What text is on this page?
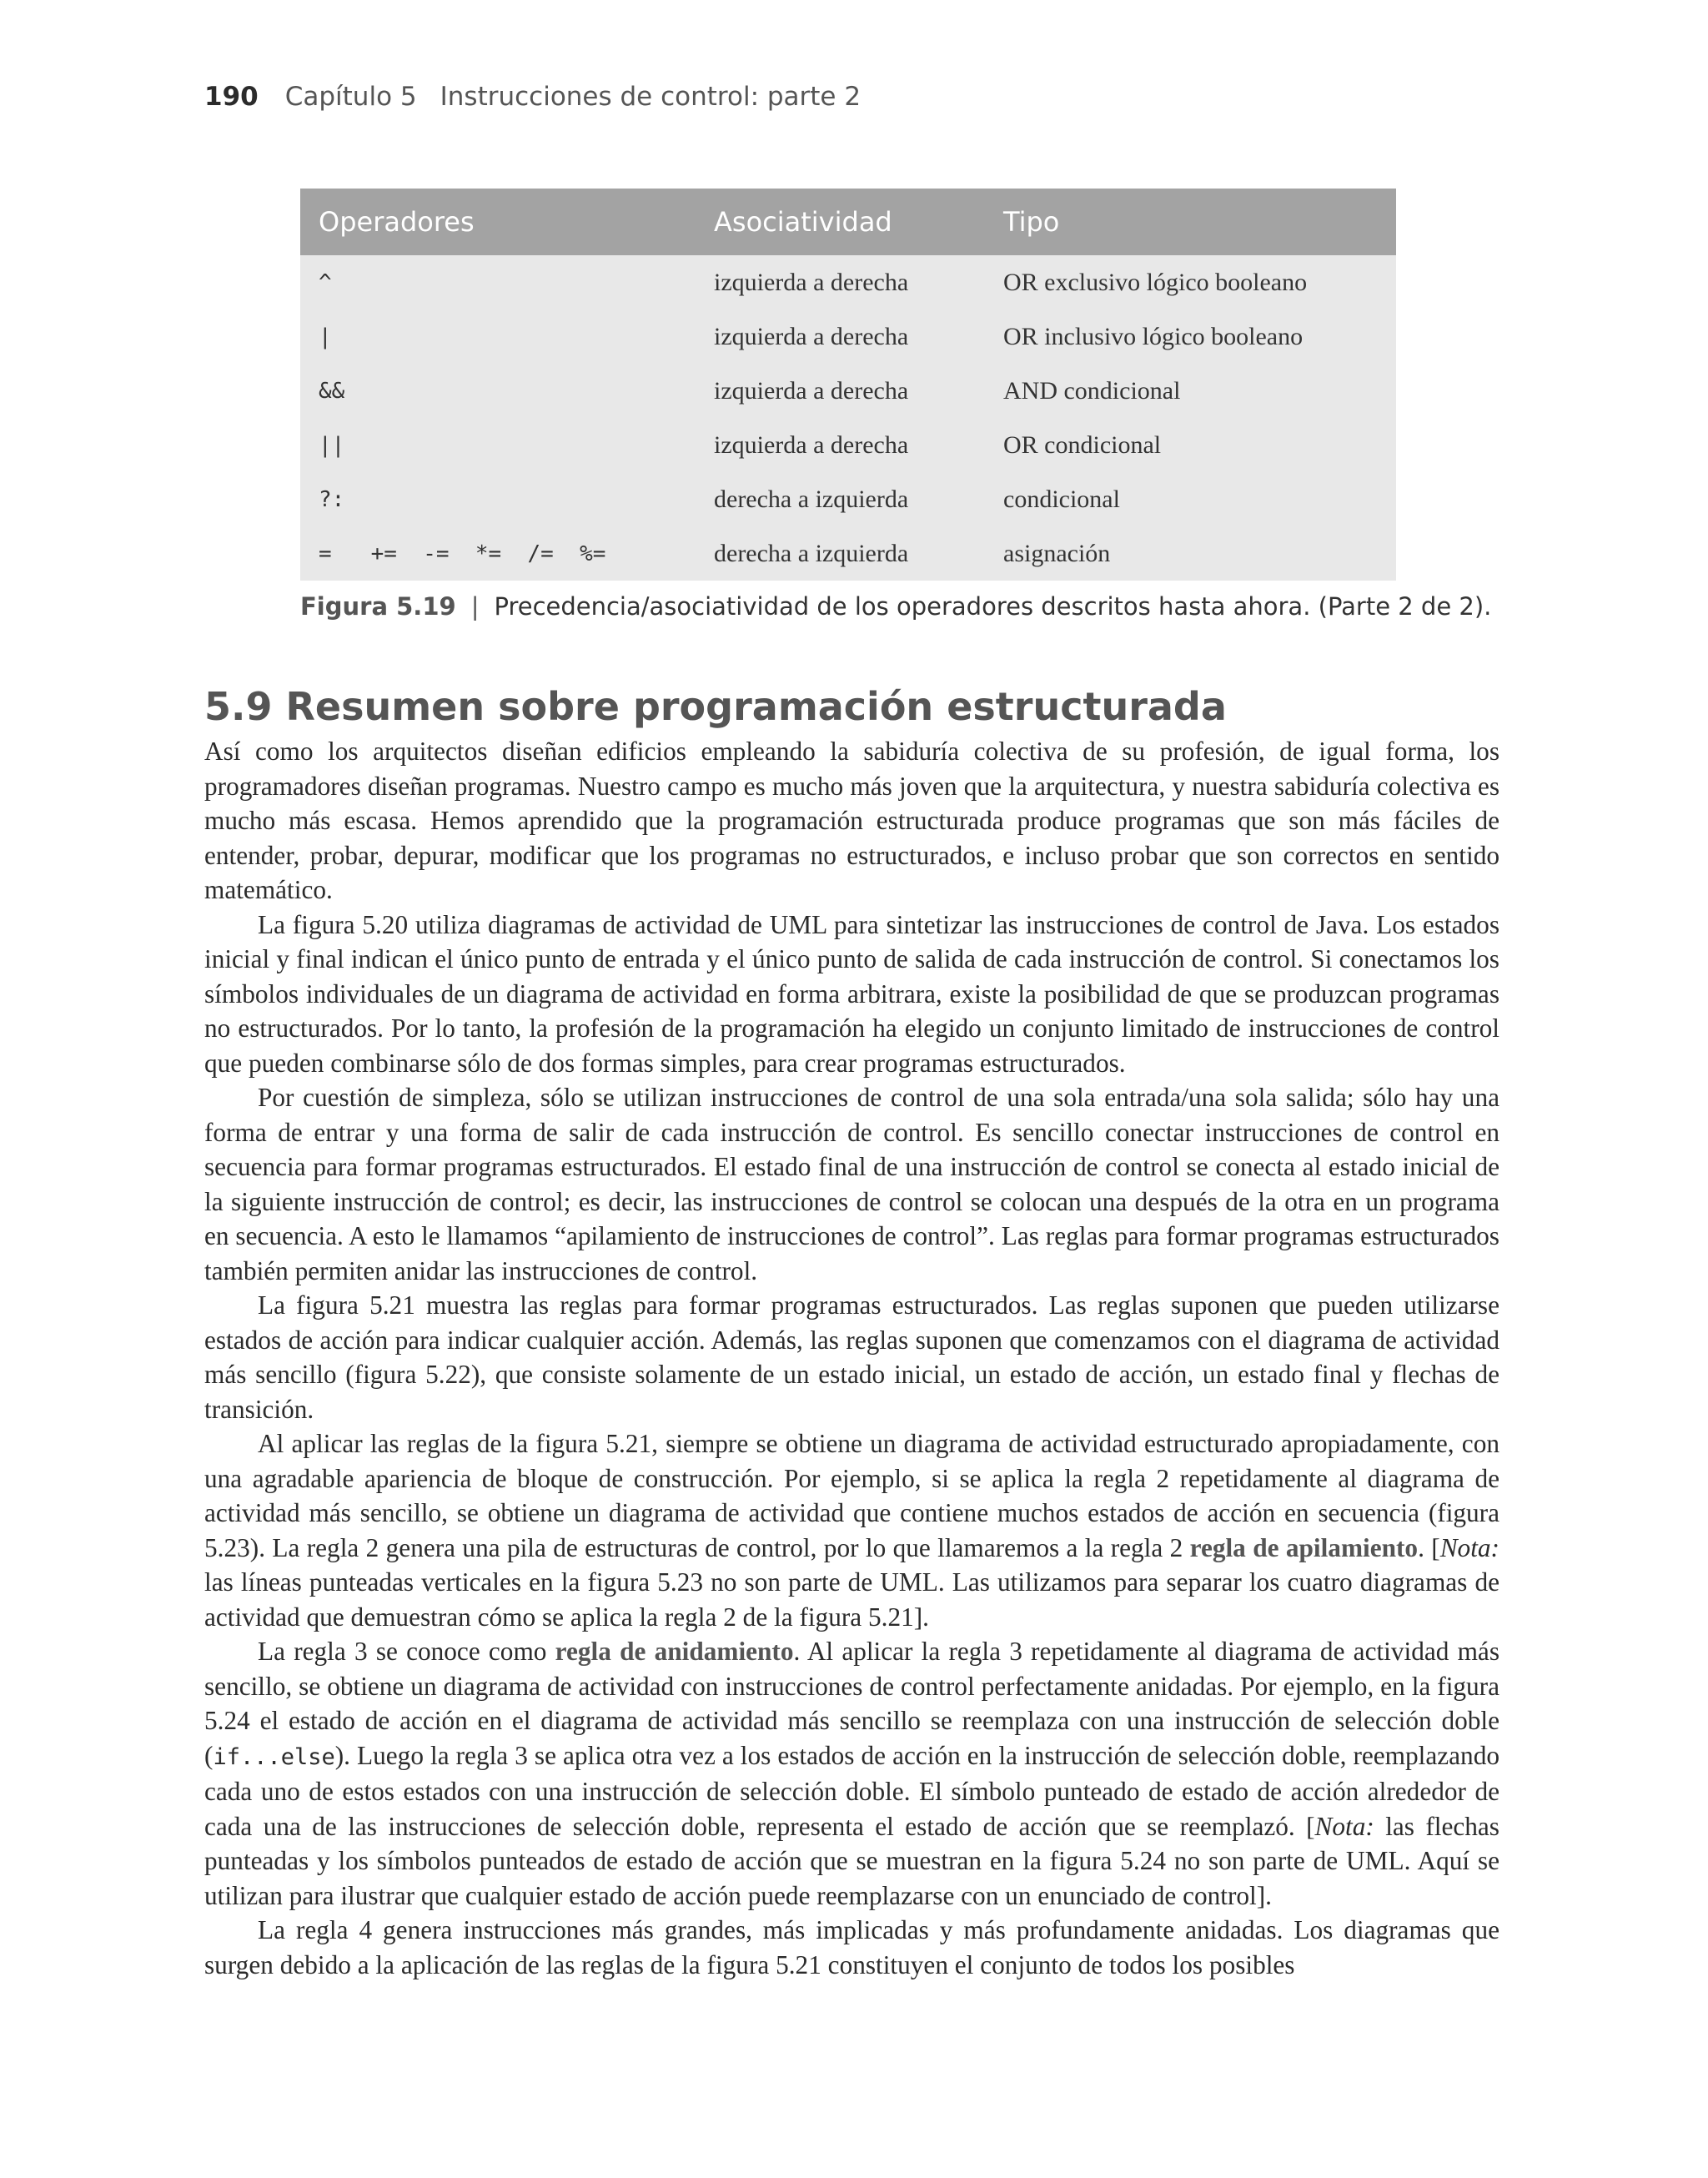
190 Capítulo 5 Instrucciones de control: parte 2
Operadores	Asociatividad	Tipo
^	izquierda a derecha	OR exclusivo lógico booleano
|	izquierda a derecha	OR inclusivo lógico booleano
&&	izquierda a derecha	AND condicional
||	izquierda a derecha	OR condicional
?:	derecha a izquierda	condicional
=   +=  -=  *=  /=  %=	derecha a izquierda	asignación
Figura 5.19 | Precedencia/asociatividad de los operadores descritos hasta ahora. (Parte 2 de 2).
5.9 Resumen sobre programación estructurada

Así como los arquitectos diseñan edificios empleando la sabiduría colectiva de su profesión, de igual forma, los programadores diseñan programas. Nuestro campo es mucho más joven que la arquitectura, y nuestra sabiduría colectiva es mucho más escasa. Hemos aprendido que la programación estructurada produce programas que son más fáciles de entender, probar, depurar, modificar que los programas no estructurados, e incluso probar que son correctos en sentido matemático.

La figura 5.20 utiliza diagramas de actividad de UML para sintetizar las instrucciones de control de Java. Los estados inicial y final indican el único punto de entrada y el único punto de salida de cada instrucción de control. Si conectamos los símbolos individuales de un diagrama de actividad en forma arbitrara, existe la posibilidad de que se produzcan programas no estructurados. Por lo tanto, la profesión de la programación ha elegido un conjunto limitado de instrucciones de control que pueden combinarse sólo de dos formas simples, para crear programas estructurados.

Por cuestión de simpleza, sólo se utilizan instrucciones de control de una sola entrada/una sola salida; sólo hay una forma de entrar y una forma de salir de cada instrucción de control. Es sencillo conectar instrucciones de control en secuencia para formar programas estructurados. El estado final de una instrucción de control se conecta al estado inicial de la siguiente instrucción de control; es decir, las instrucciones de control se colocan una después de la otra en un programa en secuencia. A esto le llamamos “apilamiento de instrucciones de control”. Las reglas para formar programas estructurados también permiten anidar las instrucciones de control.

La figura 5.21 muestra las reglas para formar programas estructurados. Las reglas suponen que pueden utilizarse estados de acción para indicar cualquier acción. Además, las reglas suponen que comenzamos con el diagrama de actividad más sencillo (figura 5.22), que consiste solamente de un estado inicial, un estado de acción, un estado final y flechas de transición.

Al aplicar las reglas de la figura 5.21, siempre se obtiene un diagrama de actividad estructurado apropiadamente, con una agradable apariencia de bloque de construcción. Por ejemplo, si se aplica la regla 2 repetidamente al diagrama de actividad más sencillo, se obtiene un diagrama de actividad que contiene muchos estados de acción en secuencia (figura 5.23). La regla 2 genera una pila de estructuras de control, por lo que llamaremos a la regla 2 regla de apilamiento. [Nota: las líneas punteadas verticales en la figura 5.23 no son parte de UML. Las utilizamos para separar los cuatro diagramas de actividad que demuestran cómo se aplica la regla 2 de la figura 5.21].

La regla 3 se conoce como regla de anidamiento. Al aplicar la regla 3 repetidamente al diagrama de actividad más sencillo, se obtiene un diagrama de actividad con instrucciones de control perfectamente anidadas. Por ejemplo, en la figura 5.24 el estado de acción en el diagrama de actividad más sencillo se reemplaza con una instrucción de selección doble (if...else). Luego la regla 3 se aplica otra vez a los estados de acción en la instrucción de selección doble, reemplazando cada uno de estos estados con una instrucción de selección doble. El símbolo punteado de estado de acción alrededor de cada una de las instrucciones de selección doble, representa el estado de acción que se reemplazó. [Nota: las flechas punteadas y los símbolos punteados de estado de acción que se muestran en la figura 5.24 no son parte de UML. Aquí se utilizan para ilustrar que cualquier estado de acción puede reemplazarse con un enunciado de control].

La regla 4 genera instrucciones más grandes, más implicadas y más profundamente anidadas. Los diagramas que surgen debido a la aplicación de las reglas de la figura 5.21 constituyen el conjunto de todos los posibles
